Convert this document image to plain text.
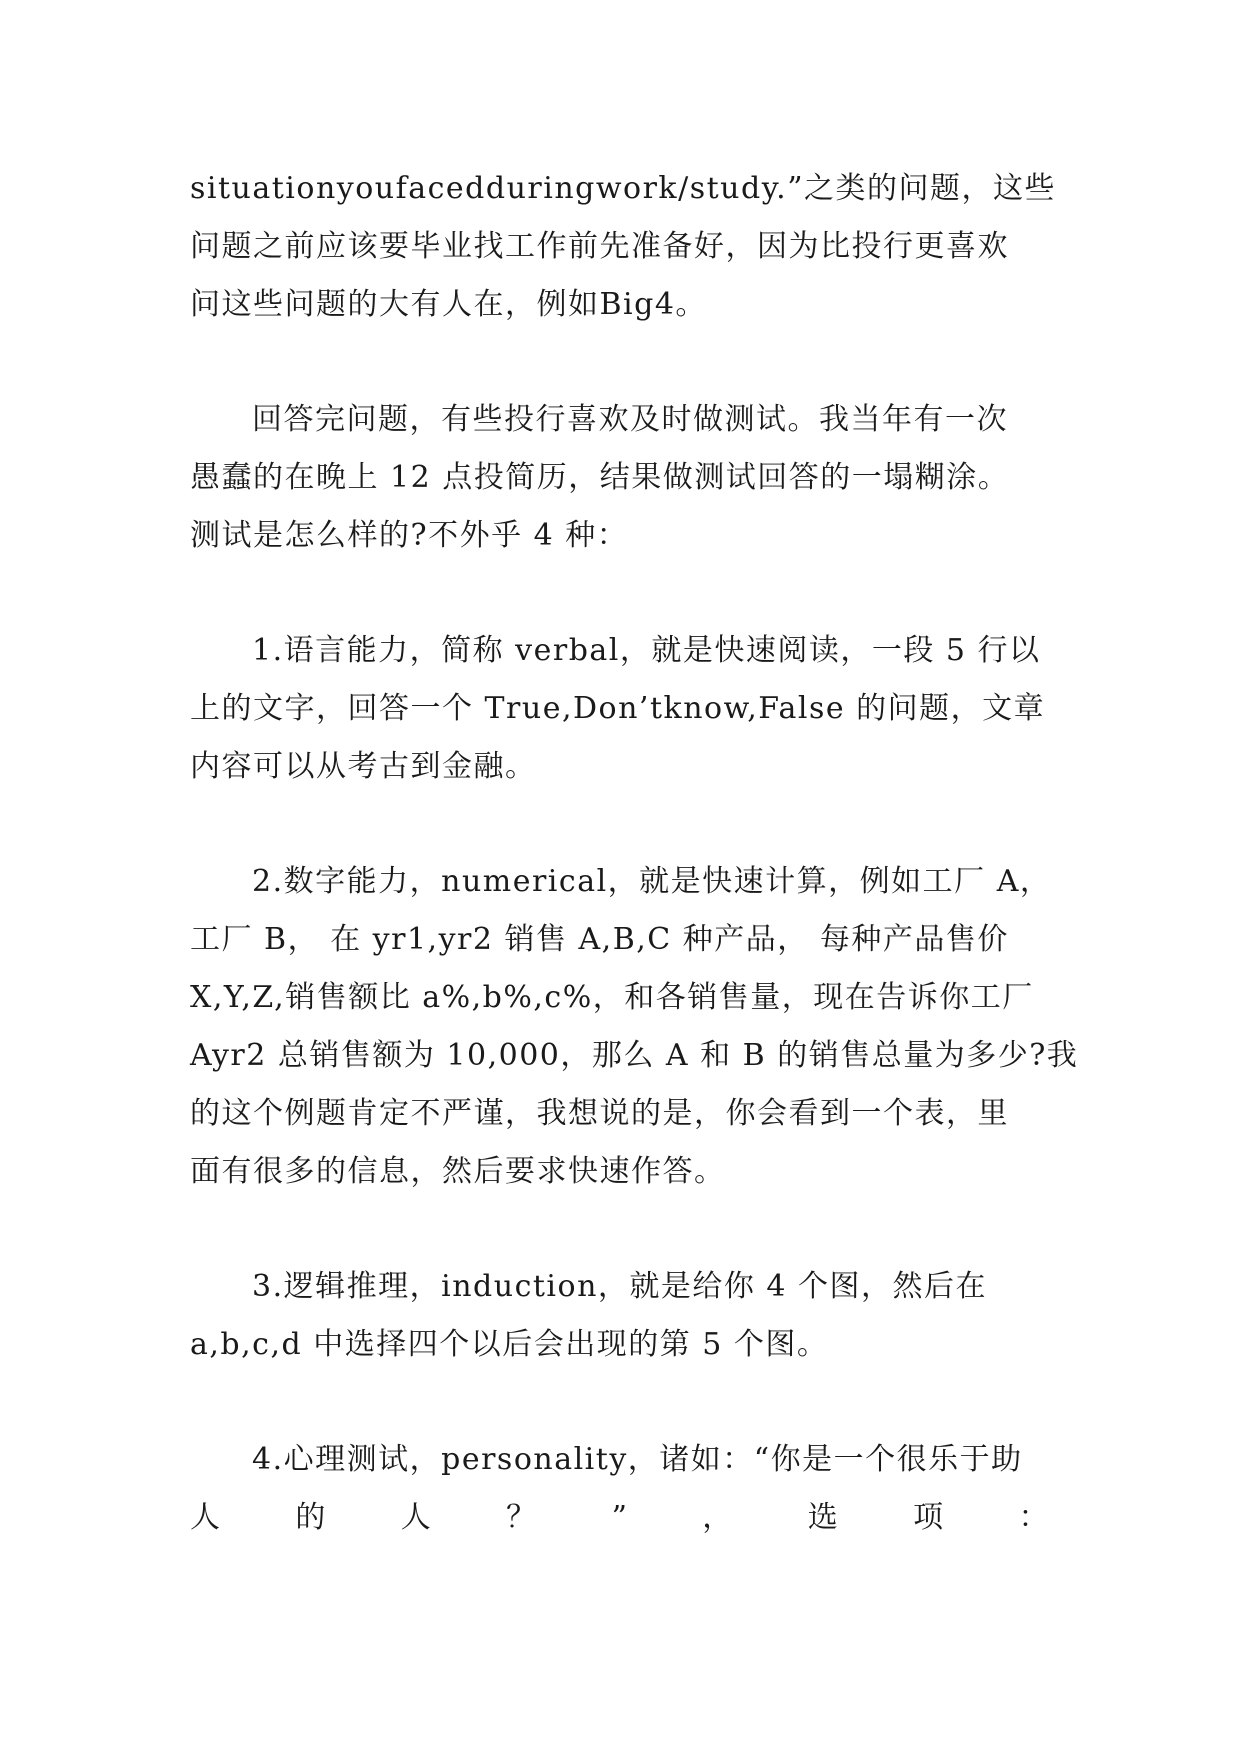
situationyoufacedduringwork/study.”之类的问题，这些
问题之前应该要毕业找工作前先准备好，因为比投行更喜欢
问这些问题的大有人在，例如Big4。

回答完问题，有些投行喜欢及时做测试。我当年有一次
愚蠢的在晚上 12 点投简历，结果做测试回答的一塌糊涂。
测试是怎么样的?不外乎 4 种：

1.语言能力，简称 verbal，就是快速阅读，一段 5 行以
上的文字，回答一个 True,Don’tknow,False 的问题，文章
内容可以从考古到金融。

2.数字能力，numerical，就是快速计算，例如工厂 A，
工厂 B， 在 yr1,yr2 销售 A,B,C 种产品， 每种产品售价
X,Y,Z,销售额比 a%,b%,c%，和各销售量，现在告诉你工厂
Ayr2 总销售额为 10,000，那么 A 和 B 的销售总量为多少?我
的这个例题肯定不严谨，我想说的是，你会看到一个表，里
面有很多的信息，然后要求快速作答。

3.逻辑推理，induction，就是给你 4 个图，然后在
a,b,c,d 中选择四个以后会出现的第 5 个图。

4.心理测试，personality，诸如：“你是一个很乐于助
人 的 人 ？ ” ， 选 项 ：
